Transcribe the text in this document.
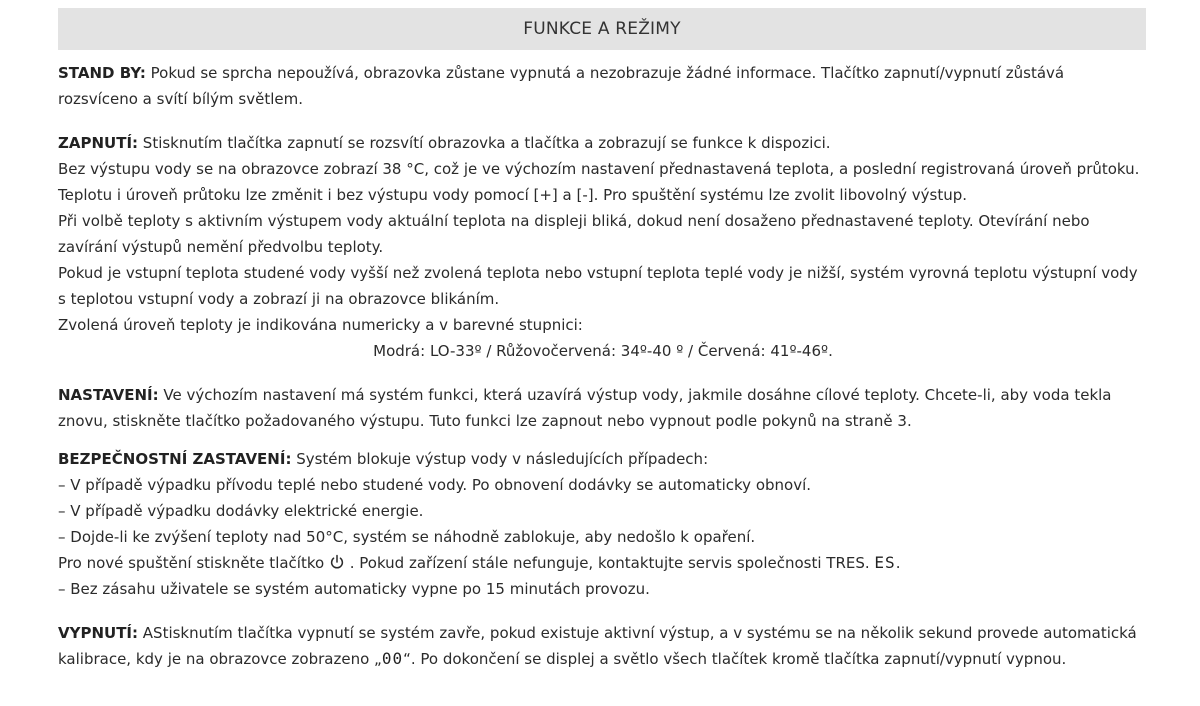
FUNKCE A REŽIMY

STAND BY: Pokud se sprcha nepoužívá, obrazovka zůstane vypnutá a nezobrazuje žádné informace. Tlačítko zapnutí/vypnutí zůstává rozsvíceno a svítí bílým světlem.

ZAPNUTÍ: Stisknutím tlačítka zapnutí se rozsvítí obrazovka a tlačítka a zobrazují se funkce k dispozici.
Bez výstupu vody se na obrazovce zobrazí 38 °C, což je ve výchozím nastavení přednastavená teplota, a poslední registrovaná úroveň průtoku. Teplotu i úroveň průtoku lze změnit i bez výstupu vody pomocí [+] a [-]. Pro spuštění systému lze zvolit libovolný výstup.
Při volbě teploty s aktivním výstupem vody aktuální teplota na displeji bliká, dokud není dosaženo přednastavené teploty. Otevírání nebo zavírání výstupů nemění předvolbu teploty.
Pokud je vstupní teplota studené vody vyšší než zvolená teplota nebo vstupní teplota teplé vody je nižší, systém vyrovná teplotu výstupní vody s teplotou vstupní vody a zobrazí ji na obrazovce blikáním.
Zvolená úroveň teploty je indikována numericky a v barevné stupnici:
Modrá: LO-33º / Růžovočervená: 34º-40 º / Červená: 41º-46º.

NASTAVENÍ: Ve výchozím nastavení má systém funkci, která uzavírá výstup vody, jakmile dosáhne cílové teploty. Chcete-li, aby voda tekla znovu, stiskněte tlačítko požadovaného výstupu. Tuto funkci lze zapnout nebo vypnout podle pokynů na straně 3.

BEZPEČNOSTNÍ ZASTAVENÍ: Systém blokuje výstup vody v následujících případech:
– V případě výpadku přívodu teplé nebo studené vody. Po obnovení dodávky se automaticky obnoví.
– V případě výpadku dodávky elektrické energie.
– Dojde-li ke zvýšení teploty nad 50°C, systém se náhodně zablokuje, aby nedošlo k opaření.
Pro nové spuštění stiskněte tlačítko  . Pokud zařízení stále nefunguje, kontaktujte servis společnosti TRES. ES.
– Bez zásahu uživatele se systém automaticky vypne po 15 minutách provozu.

VYPNUTÍ: AStisknutím tlačítka vypnutí se systém zavře, pokud existuje aktivní výstup, a v systému se na několik sekund provede automatická kalibrace, kdy je na obrazovce zobrazeno „00“. Po dokončení se displej a světlo všech tlačítek kromě tlačítka zapnutí/vypnutí vypnou.
